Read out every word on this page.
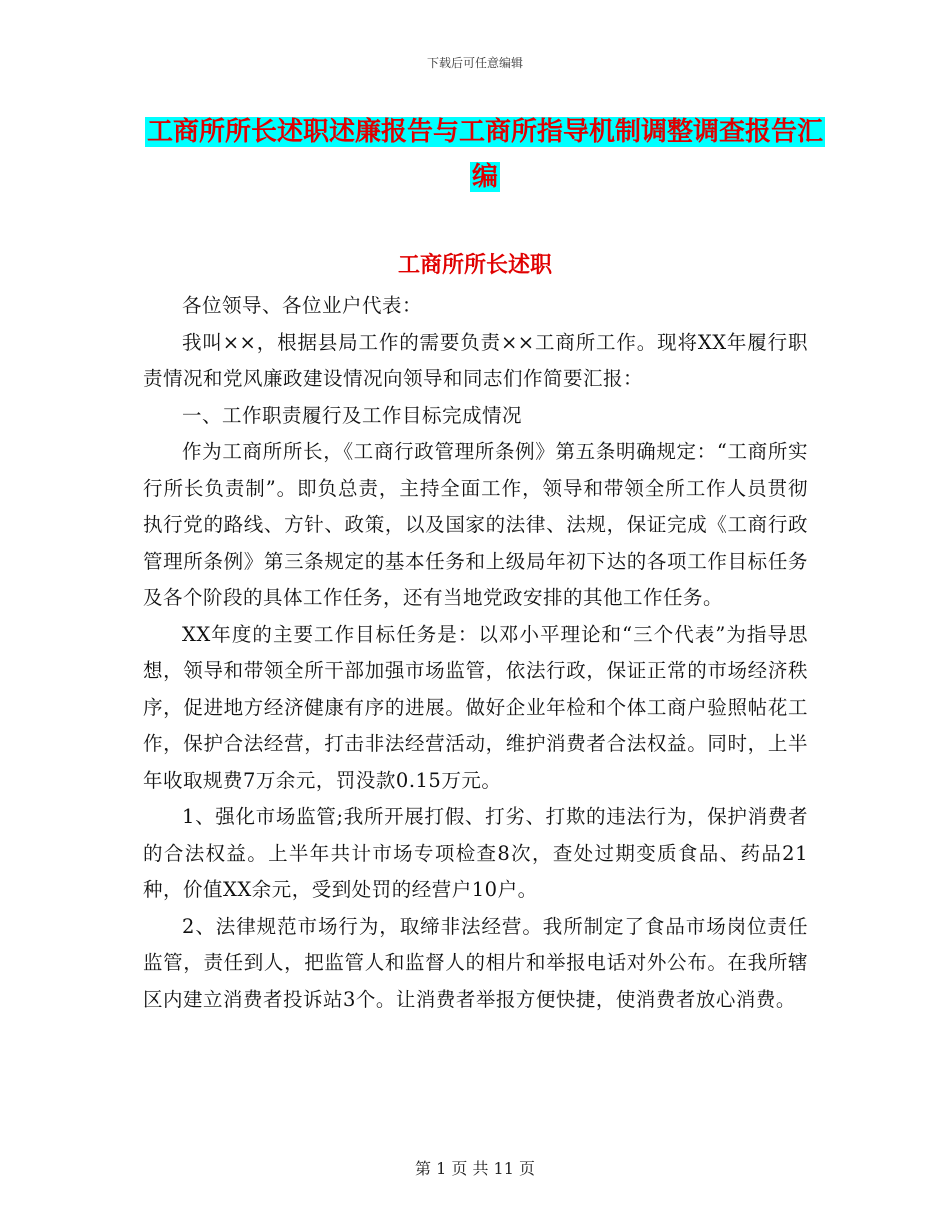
下载后可任意编辑
工商所所长述职述廉报告与工商所指导机制调整调查报告汇编
工商所所长述职

各位领导、各位业户代表：

我叫××，根据县局工作的需要负责××工商所工作。现将XX年履行职责情况和党风廉政建设情况向领导和同志们作简要汇报：

一、工作职责履行及工作目标完成情况

作为工商所所长，《工商行政管理所条例》第五条明确规定：“工商所实行所长负责制”。即负总责，主持全面工作，领导和带领全所工作人员贯彻执行党的路线、方针、政策，以及国家的法律、法规，保证完成《工商行政管理所条例》第三条规定的基本任务和上级局年初下达的各项工作目标任务及各个阶段的具体工作任务，还有当地党政安排的其他工作任务。

XX年度的主要工作目标任务是：以邓小平理论和“三个代表”为指导思想，领导和带领全所干部加强市场监管，依法行政，保证正常的市场经济秩序，促进地方经济健康有序的进展。做好企业年检和个体工商户验照帖花工作，保护合法经营，打击非法经营活动，维护消费者合法权益。同时，上半年收取规费7万余元，罚没款0.15万元。

1、强化市场监管;我所开展打假、打劣、打欺的违法行为，保护消费者的合法权益。上半年共计市场专项检查8次，查处过期变质食品、药品21种，价值XX余元，受到处罚的经营户10户。

2、法律规范市场行为，取缔非法经营。我所制定了食品市场岗位责任监管，责任到人，把监管人和监督人的相片和举报电话对外公布。在我所辖区内建立消费者投诉站3个。让消费者举报方便快捷，使消费者放心消费。

第 1 页 共 11 页
